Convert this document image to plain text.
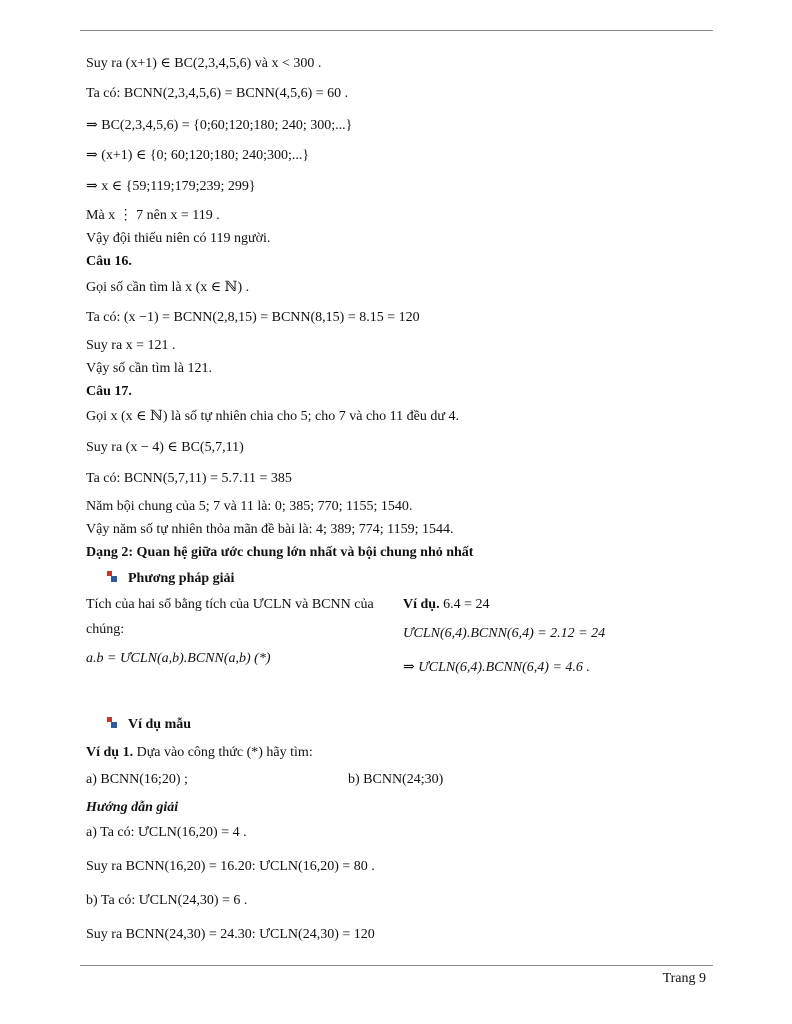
Suy ra (x+1) ∈ BC(2,3,4,5,6) và x < 300 .
Ta có: BCNN(2,3,4,5,6) = BCNN(4,5,6) = 60 .
⇒ BC(2,3,4,5,6) = {0;60;120;180; 240; 300;...}
⇒ (x+1) ∈ {0; 60;120;180; 240;300;...}
⇒ x ∈ {59;119;179;239; 299}
Mà x ⋮ 7 nên x = 119 .
Vậy đội thiếu niên có 119 người.
Câu 16.
Gọi số cần tìm là x (x ∈ ℕ) .
Ta có: (x −1) = BCNN(2,8,15) = BCNN(8,15) = 8.15 = 120
Suy ra x = 121 .
Vậy số cần tìm là 121.
Câu 17.
Gọi x (x ∈ ℕ) là số tự nhiên chia cho 5; cho 7 và cho 11 đều dư 4.
Suy ra (x − 4) ∈ BC(5,7,11)
Ta có: BCNN(5,7,11) = 5.7.11 = 385
Năm bội chung của 5; 7 và 11 là: 0; 385; 770; 1155; 1540.
Vậy năm số tự nhiên thỏa mãn đề bài là: 4; 389; 774; 1159; 1544.
Dạng 2: Quan hệ giữa ước chung lớn nhất và bội chung nhỏ nhất
Phương pháp giải
Tích của hai số bằng tích của ƯCLN và BCNN của
chúng:
a.b = ƯCLN(a,b).BCNN(a,b) (*)
Ví dụ. 6.4 = 24
ƯCLN(6,4).BCNN(6,4) = 2.12 = 24
⇒ ƯCLN(6,4).BCNN(6,4) = 4.6 .
Ví dụ mẫu
Ví dụ 1. Dựa vào công thức (*) hãy tìm:
a) BCNN(16;20) ;	b) BCNN(24;30)
Hướng dẫn giải
a) Ta có: ƯCLN(16,20) = 4 .
Suy ra BCNN(16,20) = 16.20: ƯCLN(16,20) = 80 .
b) Ta có: ƯCLN(24,30) = 6 .
Suy ra BCNN(24,30) = 24.30: ƯCLN(24,30) = 120
Trang 9
